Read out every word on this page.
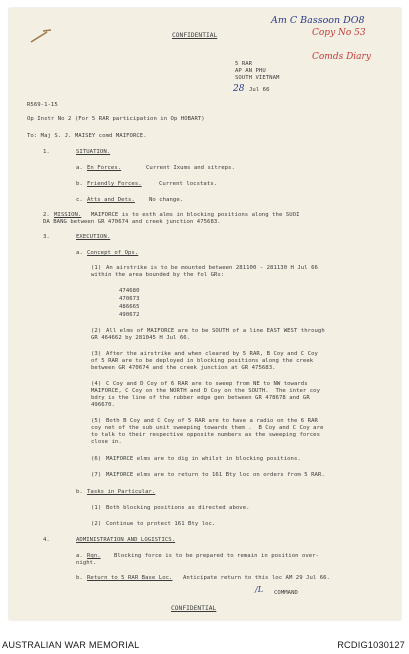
CONFIDENTIAL
Am C Bassoon DO8
Copy No 53
Comds Diary
5 RAR
AP AN PHU
SOUTH VIETNAM
28 Jul 66
R569-1-15
Op Instr No 2 (For 5 RAR participation in Op HOBART)
To: Maj S. J. MAISEY comd MAIFORCE.
1.	SITUATION.
a. En Forces.	Current Ixums and sitreps.
b. Friendly Forces.	Current locstats.
c. Atts and Dets.	No change.
2. MISSION. MAIFORCE is to esth alms in blocking positions along the SUOI
DA BANG between GR 470674 and creek junction 475683.
3.	EXECUTION.
a. Concept of Ops.
(1) An airstrike is to be mounted between 281100 - 281130 H Jul 66
within the area bounded by the fol GRs:
474680
470673
486665
490672
(2) All elms of MAIFORCE are to be SOUTH of a line EAST WEST through
GR 464662 by 281045 H Jul 66.
(3) After the airstrike and when cleared by 5 RAR, B Coy and C Coy
of 5 RAR are to be deployed in blocking positions along the creek
between GR 470674 and the creek junction at GR 475683.
(4) C Coy and D Coy of 6 RAR are to sweep from NE to NW towards
MAIFORCE, C Coy on the NORTH and D Coy on the SOUTH.  The inter coy
bdry is the line of the rubber edge gen between GR 478678 and GR
496670.
(5) Both B Coy and C Coy of 5 RAR are to have a radio on the 6 RAR
coy net of the sub unit sweeping towards them .  B Coy and C Coy are
to talk to their respective opposite numbers as the sweeping forces
close in.
(6) MAIFORCE elms are to dig in whilst in blocking positions.
(7) MAIFORCE elms are to return to 161 Bty loc on orders from 5 RAR.
b. Tasks in Particular.
(1) Both blocking positions as directed above.
(2) Continue to protect 161 Bty loc.
4.	ADMINISTRATION AND LOGISTICS.
a. Rqn. Blocking force is to be prepared to remain in position over-
night.
b. Return to 5 RAR Base Loc. Anticipate return to this loc AM 29 Jul 66.
/L COMMAND
CONFIDENTIAL
AUSTRALIAN WAR MEMORIAL	RCDIG1030127
